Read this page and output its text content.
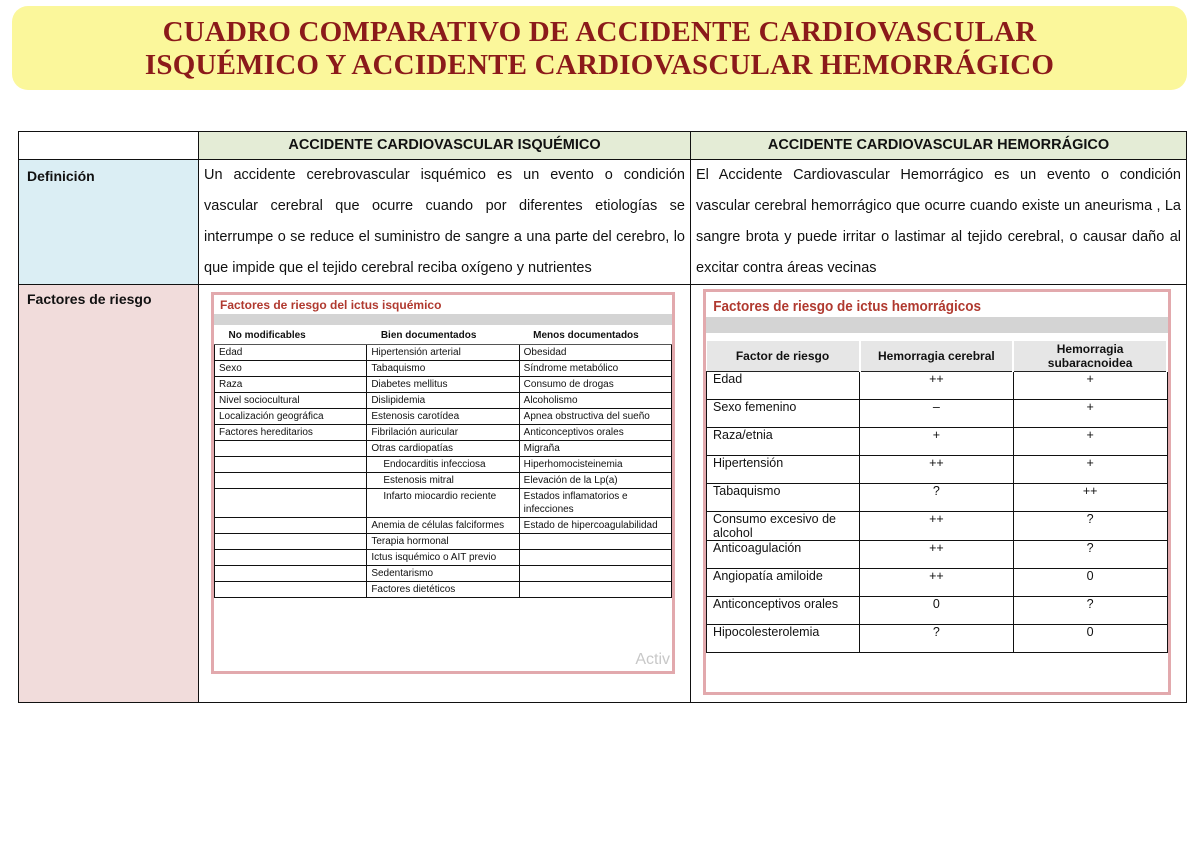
CUADRO COMPARATIVO DE ACCIDENTE CARDIOVASCULAR
ISQUÉMICO Y ACCIDENTE CARDIOVASCULAR HEMORRÁGICO
	ACCIDENTE CARDIOVASCULAR ISQUÉMICO	ACCIDENTE CARDIOVASCULAR HEMORRÁGICO
Definición	Un accidente cerebrovascular isquémico es un evento o condición vascular cerebral que ocurre cuando por diferentes etiologías se interrumpe o se reduce el suministro de sangre a una parte del cerebro, lo que impide que el tejido cerebral reciba oxígeno y nutrientes	El Accidente Cardiovascular Hemorrágico es un evento o condición vascular cerebral hemorrágico que ocurre cuando existe un aneurisma , La sangre brota y puede irritar o lastimar al tejido cerebral, o causar daño al excitar contra áreas vecinas
Factores de riesgo	Factores de riesgo del ictus isquémico
No modificables	Bien documentados	Menos documentados
Edad	Hipertensión arterial	Obesidad
Sexo	Tabaquismo	Síndrome metabólico
Raza	Diabetes mellitus	Consumo de drogas
Nivel sociocultural	Dislipidemia	Alcoholismo
Localización geográfica	Estenosis carotídea	Apnea obstructiva del sueño
Factores hereditarios	Fibrilación auricular	Anticonceptivos orales
	Otras cardiopatías	Migraña
	Endocarditis infecciosa	Hiperhomocisteinemia
	Estenosis mitral	Elevación de la Lp(a)
	Infarto miocardio reciente	Estados inflamatorios e infecciones
	Anemia de células falciformes	Estado de hipercoagulabilidad
	Terapia hormonal	
	Ictus isquémico o AIT previo	
	Sedentarismo	
	Factores dietéticos	
Activ

Factores de riesgo de ictus hemorrágicos
Factor de riesgo	Hemorragia cerebral	Hemorragia subaracnoidea
Edad	++	+
Sexo femenino	–	+
Raza/etnia	+	+
Hipertensión	++	+
Tabaquismo	?	++
Consumo excesivo de alcohol	++	?
Anticoagulación	++	?
Angiopatía amiloide	++	0
Anticonceptivos orales	0	?
Hipocolesterolemia	?	0
